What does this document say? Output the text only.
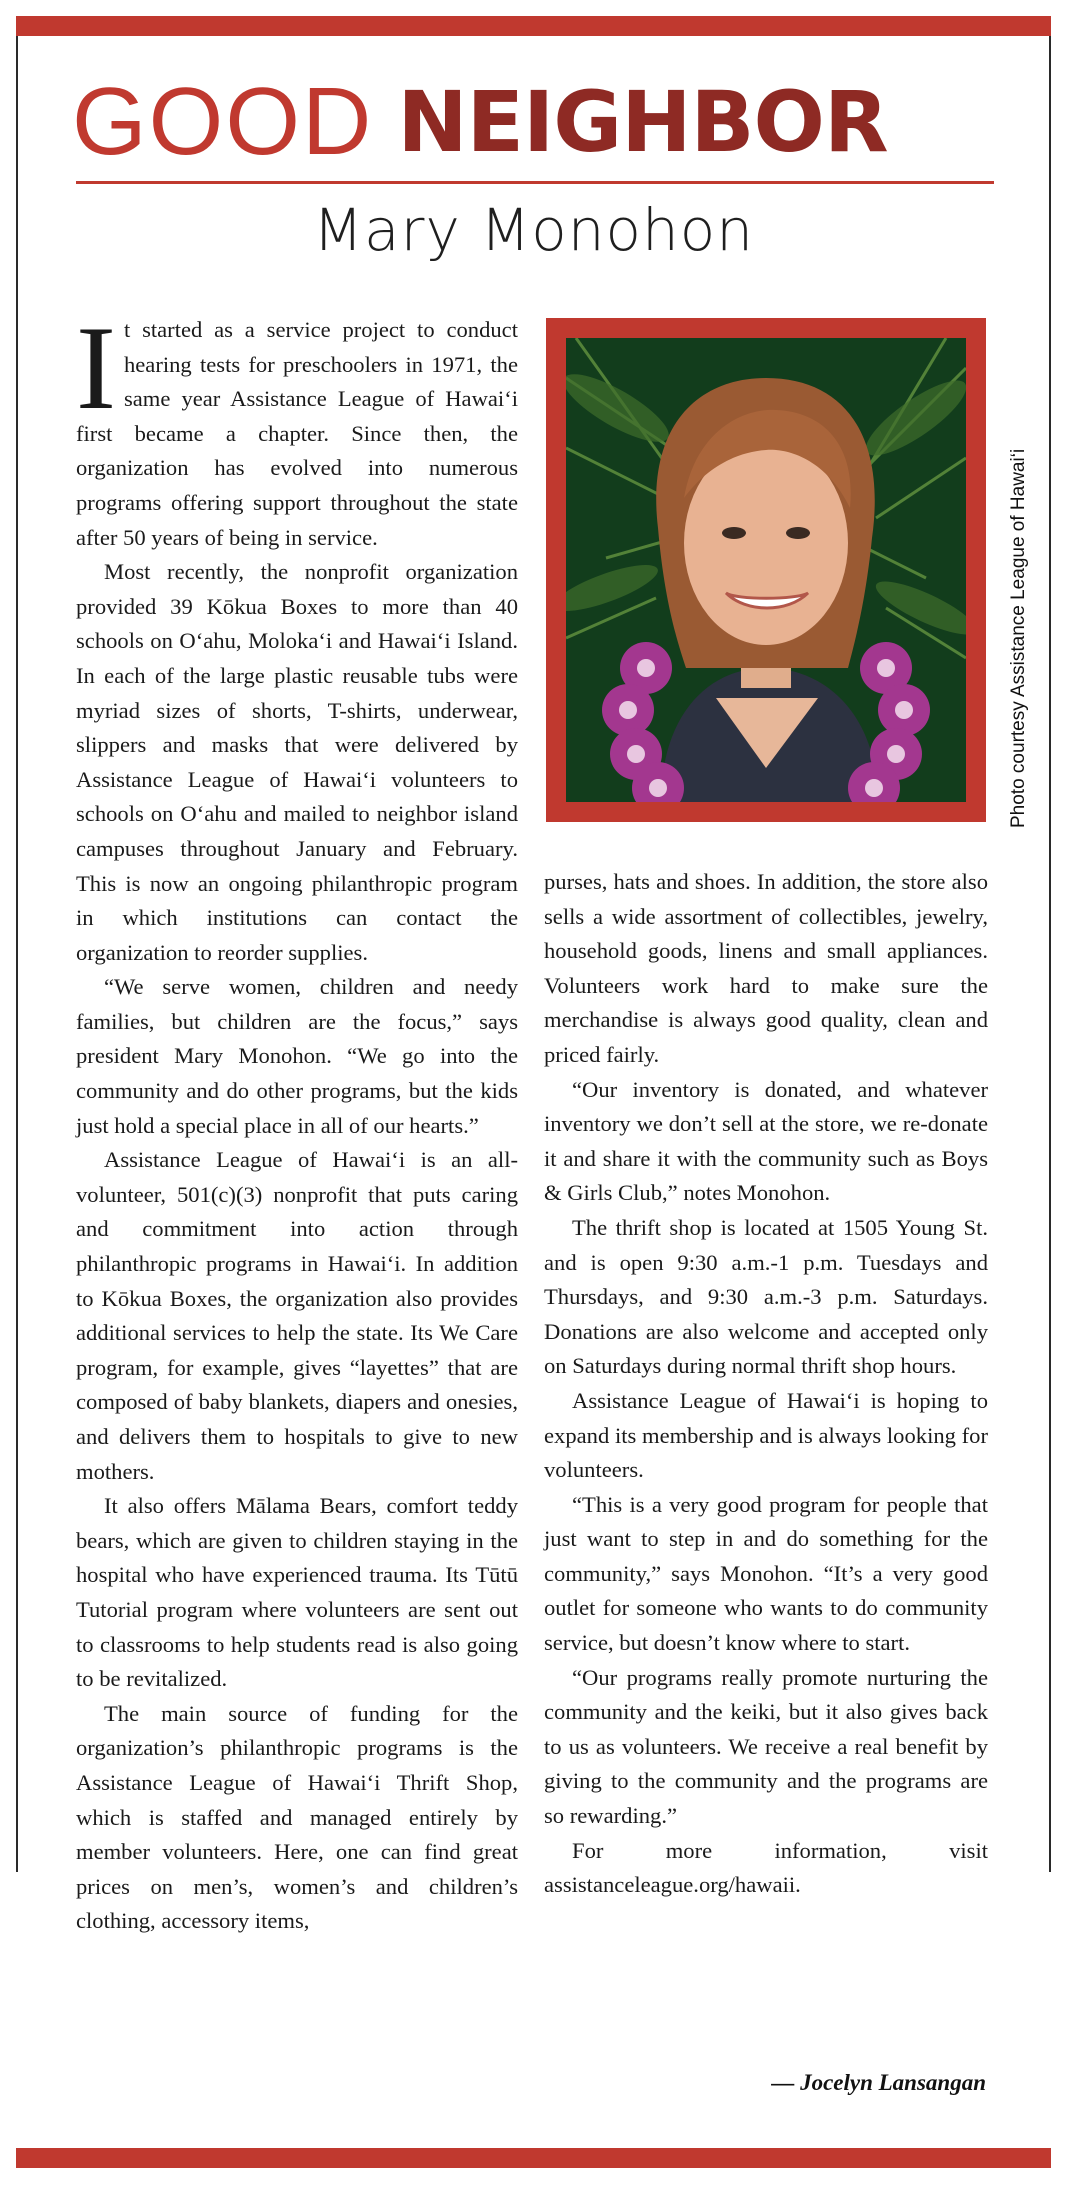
GOOD NEIGHBOR
Mary Monohon

It started as a service project to conduct hearing tests for preschoolers in 1971, the same year Assistance League of Hawai‘i first became a chapter. Since then, the organization has evolved into numerous programs offering support throughout the state after 50 years of being in service.

Most recently, the nonprofit organization provided 39 Kōkua Boxes to more than 40 schools on O‘ahu, Moloka‘i and Hawai‘i Island. In each of the large plastic reusable tubs were myriad sizes of shorts, T-shirts, underwear, slippers and masks that were delivered by Assistance League of Hawai‘i volunteers to schools on O‘ahu and mailed to neighbor island campuses throughout January and February. This is now an ongoing philanthropic program in which institutions can contact the organization to reorder supplies.

“We serve women, children and needy families, but children are the focus,” says president Mary Monohon. “We go into the community and do other programs, but the kids just hold a special place in all of our hearts.”

Assistance League of Hawai‘i is an all-volunteer, 501(c)(3) nonprofit that puts caring and commitment into action through philanthropic programs in Hawai‘i. In addition to Kōkua Boxes, the organization also provides additional services to help the state. Its We Care program, for example, gives “layettes” that are composed of baby blankets, diapers and onesies, and delivers them to hospitals to give to new mothers.

It also offers Mālama Bears, comfort teddy bears, which are given to children staying in the hospital who have experienced trauma. Its Tūtū Tutorial program where volunteers are sent out to classrooms to help students read is also going to be revitalized.

The main source of funding for the organization’s philanthropic programs is the Assistance League of Hawai‘i Thrift Shop, which is staffed and managed entirely by member volunteers. Here, one can find great prices on men’s, women’s and children’s clothing, accessory items,

Photo courtesy Assistance League of Hawai‘i

purses, hats and shoes. In addition, the store also sells a wide assortment of collectibles, jewelry, household goods, linens and small appliances. Volunteers work hard to make sure the merchandise is always good quality, clean and priced fairly.

“Our inventory is donated, and whatever inventory we don’t sell at the store, we re-donate it and share it with the community such as Boys & Girls Club,” notes Monohon.

The thrift shop is located at 1505 Young St. and is open 9:30 a.m.-1 p.m. Tuesdays and Thursdays, and 9:30 a.m.-3 p.m. Saturdays. Donations are also welcome and accepted only on Saturdays during normal thrift shop hours.

Assistance League of Hawai‘i is hoping to expand its membership and is always looking for volunteers.

“This is a very good program for people that just want to step in and do something for the community,” says Monohon. “It’s a very good outlet for someone who wants to do community service, but doesn’t know where to start.

“Our programs really promote nurturing the community and the keiki, but it also gives back to us as volunteers. We receive a real benefit by giving to the community and the programs are so rewarding.”

For more information, visit assistanceleague.org/hawaii.

— Jocelyn Lansangan
